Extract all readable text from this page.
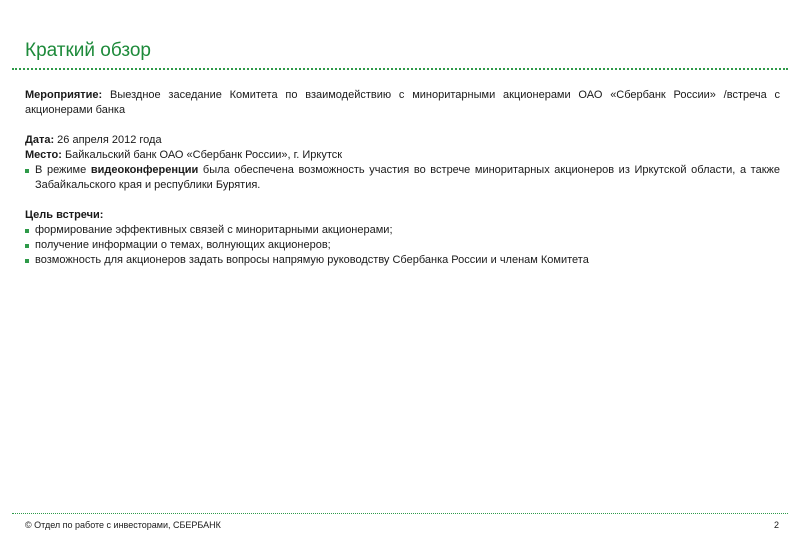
Краткий обзор

Мероприятие: Выездное заседание Комитета по взаимодействию с миноритарными акционерами ОАО «Сбербанк России» /встреча с акционерами банка

Дата: 26 апреля 2012 года

Место: Байкальский банк ОАО «Сбербанк России», г. Иркутск

В режиме видеоконференции была обеспечена возможность участия во встрече миноритарных акционеров из Иркутской области, а также Забайкальского края и республики Бурятия.

Цель встречи:

формирование эффективных связей с миноритарными акционерами;
получение информации о темах, волнующих акционеров;
возможность для акционеров задать вопросы напрямую руководству Сбербанка России и членам Комитета
© Отдел по работе с инвесторами, СБЕРБАНК	2
